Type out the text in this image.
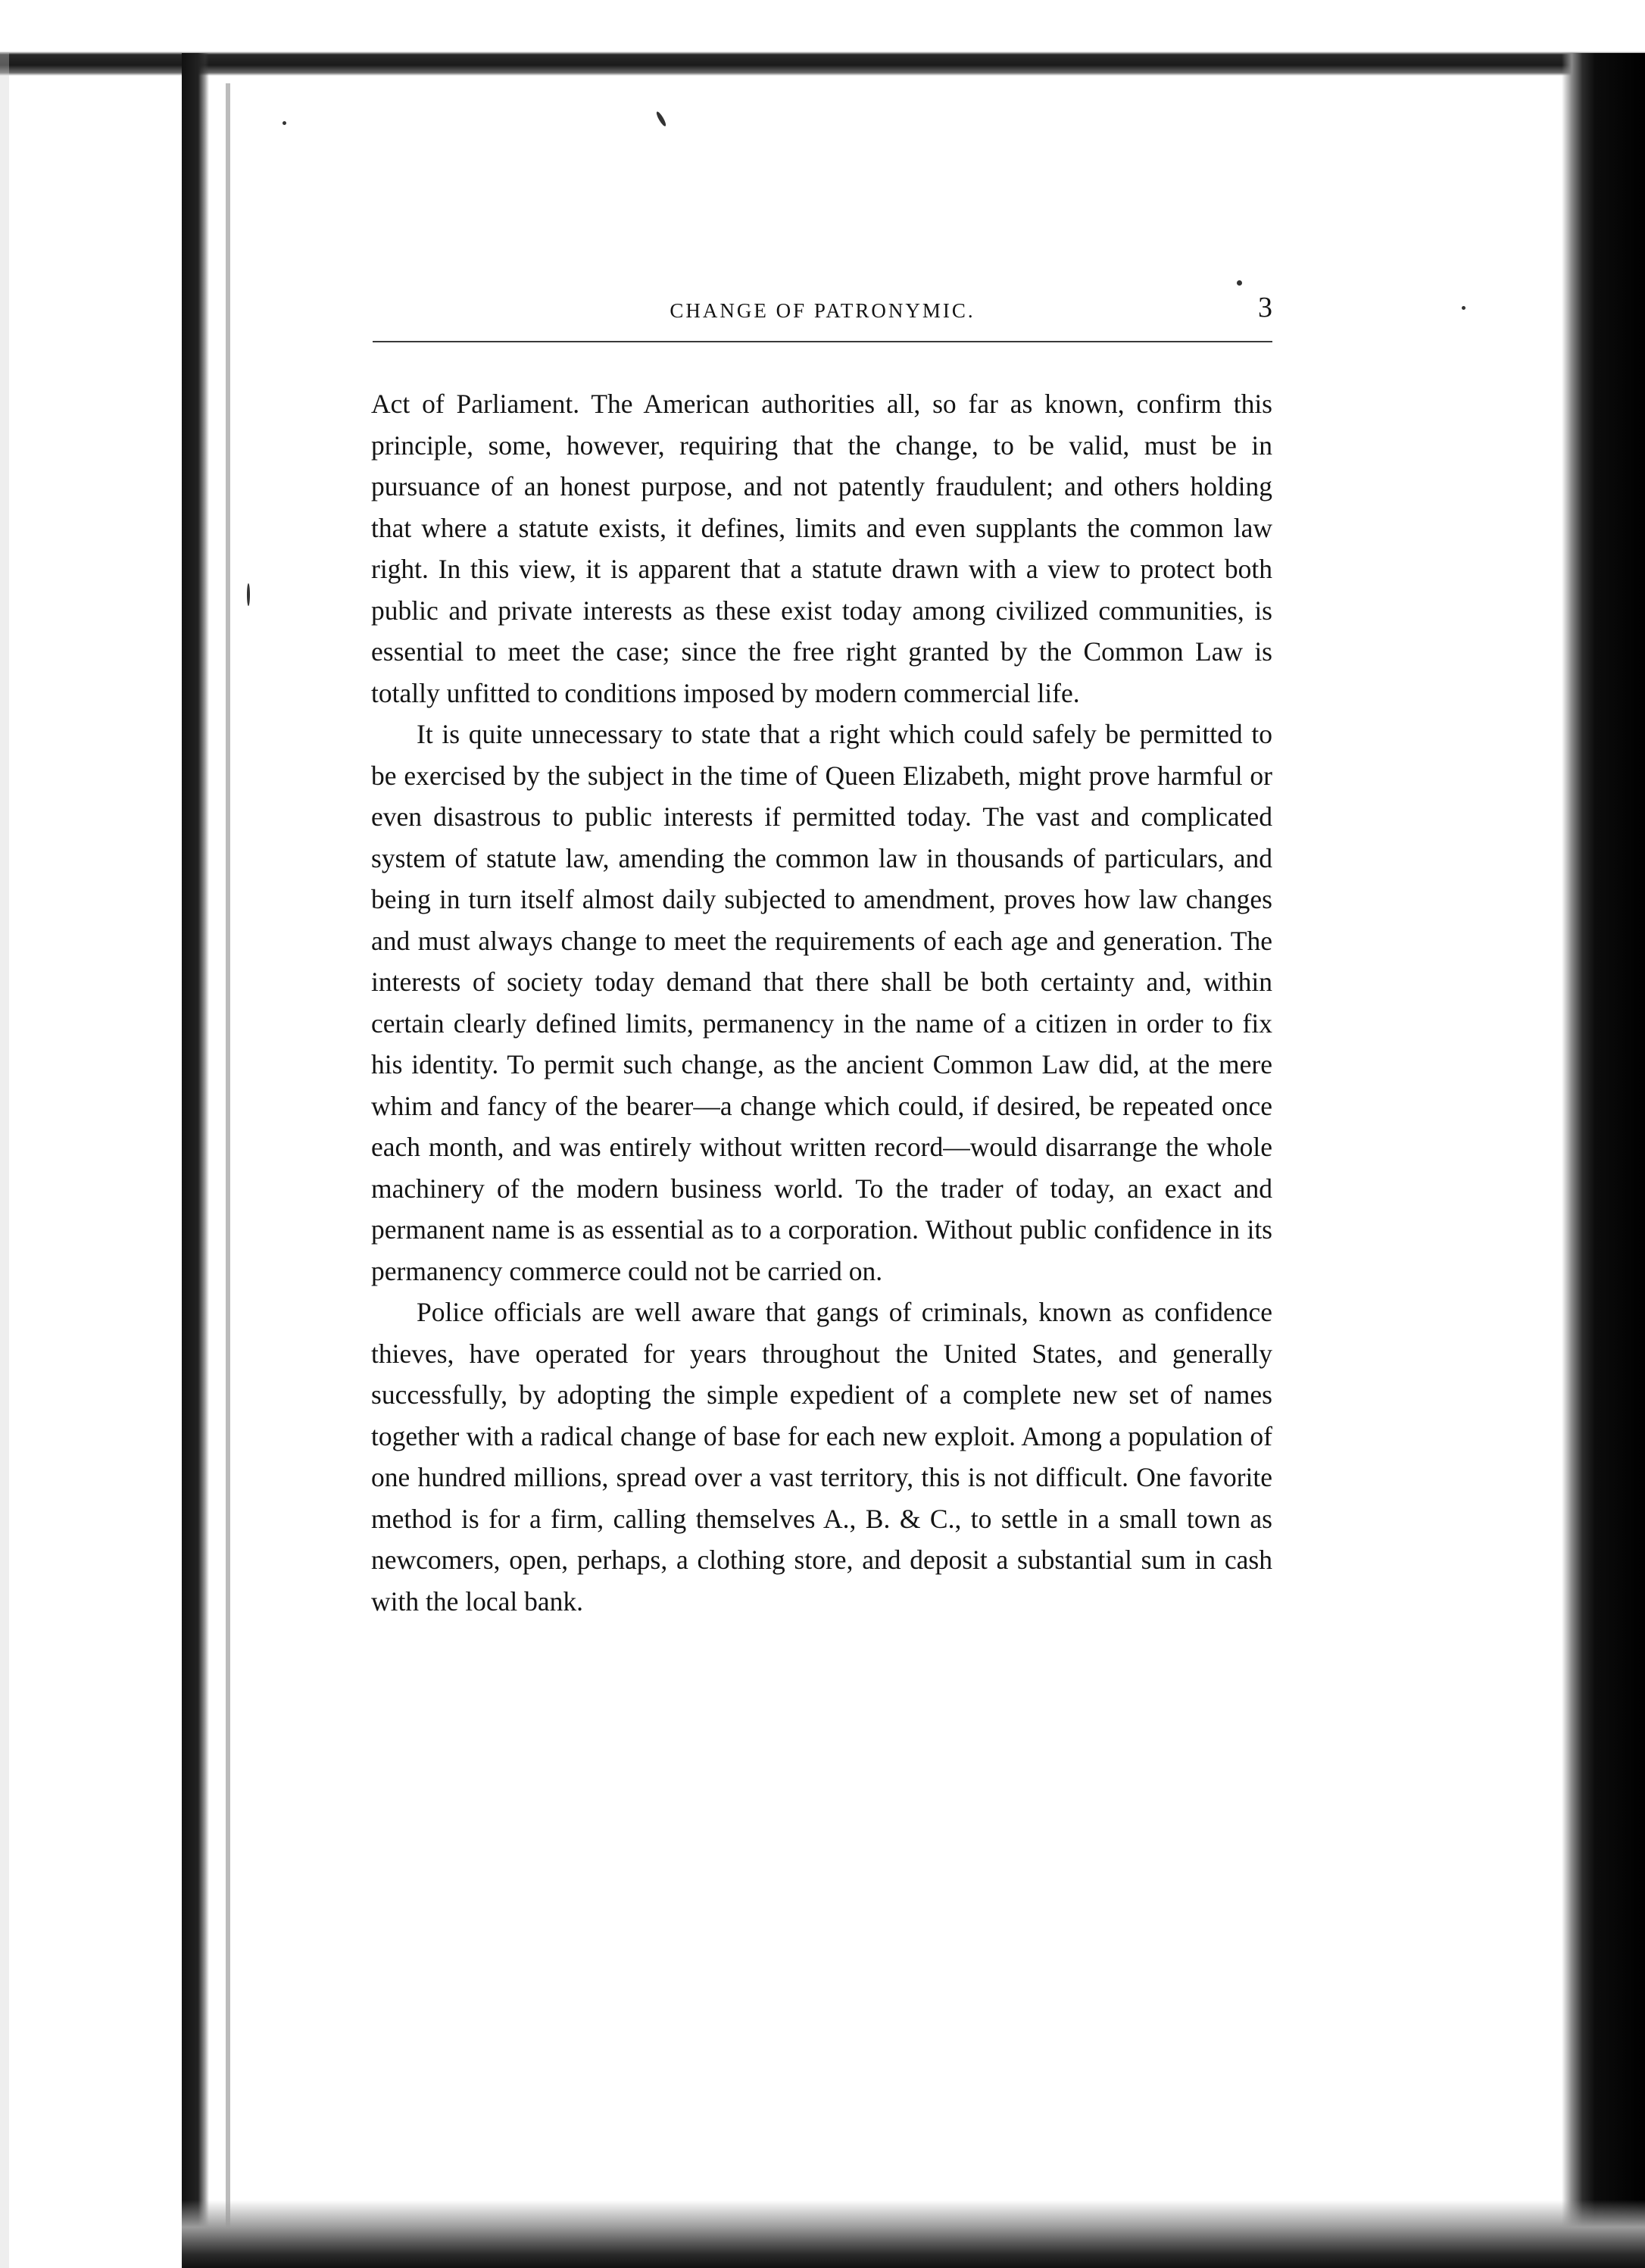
CHANGE OF PATRONYMIC.	3

Act of Parliament. The American authorities all, so far as known, confirm this principle, some, however, requiring that the change, to be valid, must be in pursuance of an honest purpose, and not patently fraudulent; and others holding that where a statute exists, it defines, limits and even supplants the common law right. In this view, it is apparent that a statute drawn with a view to protect both public and private interests as these exist today among civilized communities, is essential to meet the case; since the free right granted by the Common Law is totally unfitted to conditions imposed by modern commercial life.

It is quite unnecessary to state that a right which could safely be permitted to be exercised by the subject in the time of Queen Elizabeth, might prove harmful or even disastrous to public interests if permitted today. The vast and complicated system of statute law, amending the common law in thousands of particulars, and being in turn itself almost daily subjected to amendment, proves how law changes and must always change to meet the requirements of each age and generation. The interests of society today demand that there shall be both certainty and, within certain clearly defined limits, permanency in the name of a citizen in order to fix his identity. To permit such change, as the ancient Common Law did, at the mere whim and fancy of the bearer—a change which could, if desired, be repeated once each month, and was entirely without written record—would disarrange the whole machinery of the modern business world. To the trader of today, an exact and permanent name is as essential as to a corporation. Without public confidence in its permanency commerce could not be carried on.

Police officials are well aware that gangs of criminals, known as confidence thieves, have operated for years throughout the United States, and generally successfully, by adopting the simple expedient of a complete new set of names together with a radical change of base for each new exploit. Among a population of one hundred millions, spread over a vast territory, this is not difficult. One favorite method is for a firm, calling themselves A., B. & C., to settle in a small town as newcomers, open, perhaps, a clothing store, and deposit a substantial sum in cash with the local bank.
